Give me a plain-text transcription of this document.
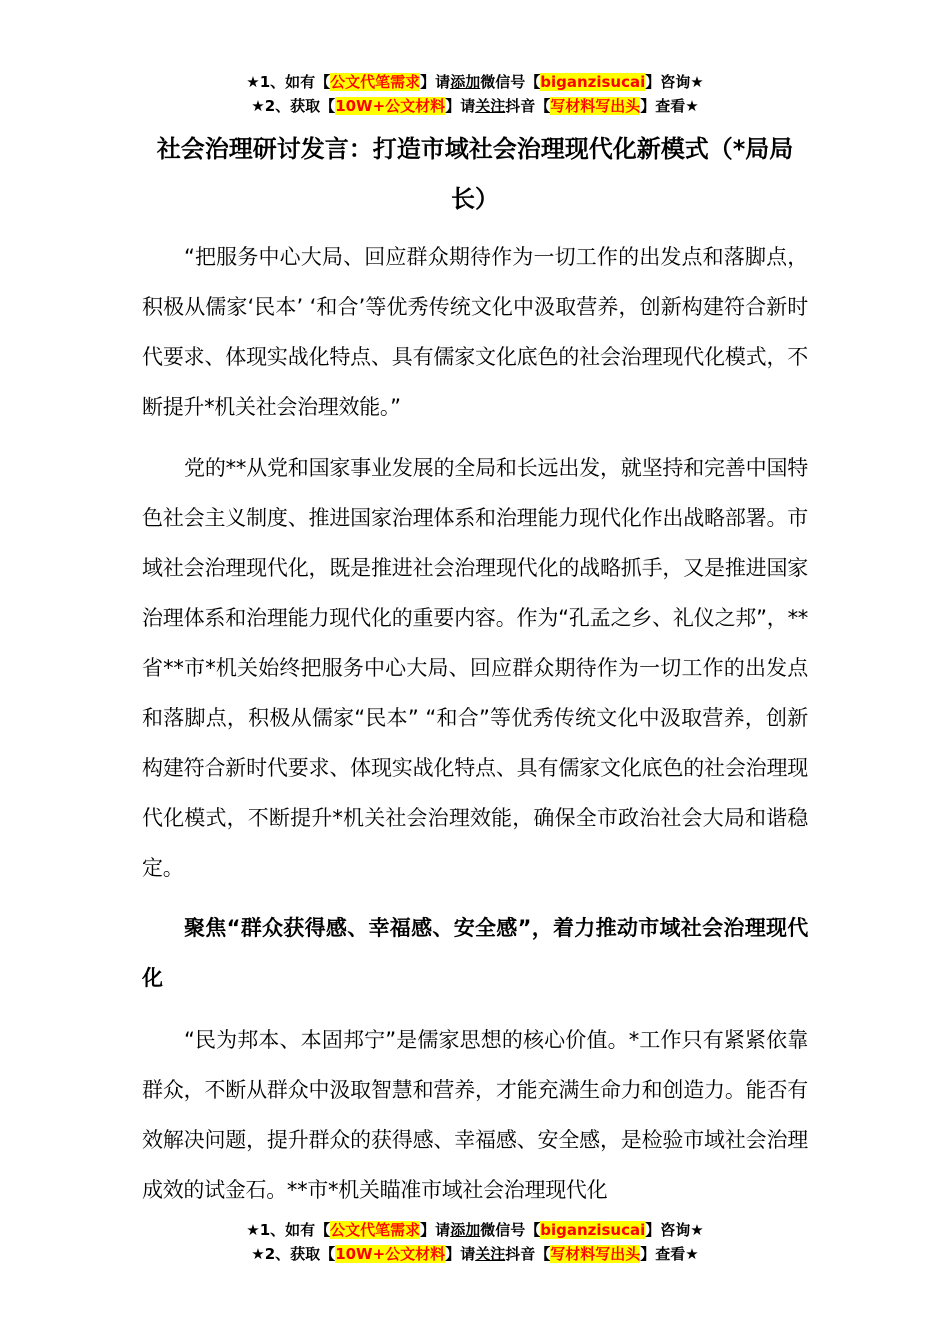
★1、如有【公文代笔需求】请添加微信号【biganzisucai】咨询★
★2、获取【10W+公文材料】请关注抖音【写材料写出头】查看★
社会治理研讨发言：打造市域社会治理现代化新模式（*局局长）

“把服务中心大局、回应群众期待作为一切工作的出发点和落脚点，积极从儒家‘民本’ ‘和合’等优秀传统文化中汲取营养，创新构建符合新时代要求、体现实战化特点、具有儒家文化底色的社会治理现代化模式，不断提升*机关社会治理效能。”

党的**从党和国家事业发展的全局和长远出发，就坚持和完善中国特色社会主义制度、推进国家治理体系和治理能力现代化作出战略部署。市域社会治理现代化，既是推进社会治理现代化的战略抓手，又是推进国家治理体系和治理能力现代化的重要内容。作为“孔孟之乡、礼仪之邦”，**省**市*机关始终把服务中心大局、回应群众期待作为一切工作的出发点和落脚点，积极从儒家“民本” “和合”等优秀传统文化中汲取营养，创新构建符合新时代要求、体现实战化特点、具有儒家文化底色的社会治理现代化模式，不断提升*机关社会治理效能，确保全市政治社会大局和谐稳定。

聚焦“群众获得感、幸福感、安全感”，着力推动市域社会治理现代化

“民为邦本、本固邦宁”是儒家思想的核心价值。*工作只有紧紧依靠群众，不断从群众中汲取智慧和营养，才能充满生命力和创造力。能否有效解决问题，提升群众的获得感、幸福感、安全感，是检验市域社会治理成效的试金石。**市*机关瞄准市域社会治理现代化

★1、如有【公文代笔需求】请添加微信号【biganzisucai】咨询★
★2、获取【10W+公文材料】请关注抖音【写材料写出头】查看★
